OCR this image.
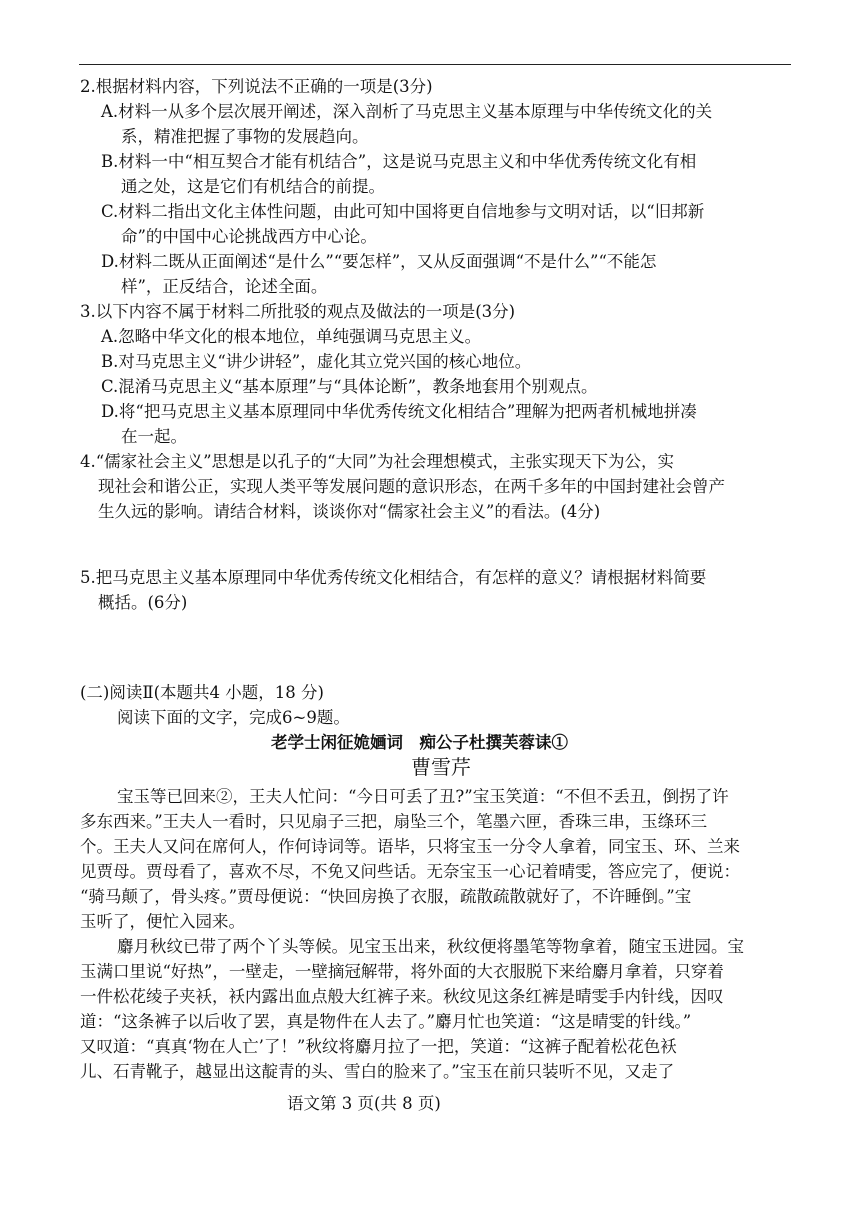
2.根据材料内容，下列说法不正确的一项是(3分)
A.材料一从多个层次展开阐述，深入剖析了马克思主义基本原理与中华传统文化的关
系，精准把握了事物的发展趋向。
B.材料一中“相互契合才能有机结合”，这是说马克思主义和中华优秀传统文化有相
通之处，这是它们有机结合的前提。
C.材料二指出文化主体性问题，由此可知中国将更自信地参与文明对话，以“旧邦新
命”的中国中心论挑战西方中心论。
D.材料二既从正面阐述“是什么”“要怎样”，又从反面强调“不是什么”“不能怎
样”，正反结合，论述全面。
3.以下内容不属于材料二所批驳的观点及做法的一项是(3分)
A.忽略中华文化的根本地位，单纯强调马克思主义。
B.对马克思主义“讲少讲轻”，虚化其立党兴国的核心地位。
C.混淆马克思主义“基本原理”与“具体论断”，教条地套用个别观点。
D.将“把马克思主义基本原理同中华优秀传统文化相结合”理解为把两者机械地拼凑
在一起。
4.“儒家社会主义”思想是以孔子的“大同”为社会理想模式，主张实现天下为公，实
现社会和谐公正，实现人类平等发展问题的意识形态，在两千多年的中国封建社会曾产
生久远的影响。请结合材料，谈谈你对“儒家社会主义”的看法。(4分)
5.把马克思主义基本原理同中华优秀传统文化相结合，有怎样的意义？请根据材料简要
概括。(6分)
(二)阅读Ⅱ(本题共4 小题，18 分)
阅读下面的文字，完成6~9题。
老学士闲征姽婳词　痴公子杜撰芙蓉诔①
曹雪芹
宝玉等已回来②，王夫人忙问：“今日可丢了丑?”宝玉笑道：“不但不丢丑，倒拐了许
多东西来。”王夫人一看时，只见扇子三把，扇坠三个，笔墨六匣，香珠三串，玉绦环三
个。王夫人又问在席何人，作何诗词等。语毕，只将宝玉一分令人拿着，同宝玉、环、兰来
见贾母。贾母看了，喜欢不尽，不免又问些话。无奈宝玉一心记着晴雯，答应完了，便说：
“骑马颠了，骨头疼。”贾母便说：“快回房换了衣服，疏散疏散就好了，不许睡倒。”宝
玉听了，便忙入园来。
麝月秋纹已带了两个丫头等候。见宝玉出来，秋纹便将墨笔等物拿着，随宝玉进园。宝
玉满口里说“好热”，一壁走，一壁摘冠解带，将外面的大衣服脱下来给麝月拿着，只穿着
一件松花绫子夹袄，袄内露出血点般大红裤子来。秋纹见这条红裤是晴雯手内针线，因叹
道：“这条裤子以后收了罢，真是物件在人去了。”麝月忙也笑道：“这是晴雯的针线。”
又叹道：“真真‘物在人亡’了！”秋纹将麝月拉了一把，笑道：“这裤子配着松花色袄
儿、石青靴子，越显出这靛青的头、雪白的脸来了。”宝玉在前只装听不见，又走了
语文第 3 页(共 8 页)
